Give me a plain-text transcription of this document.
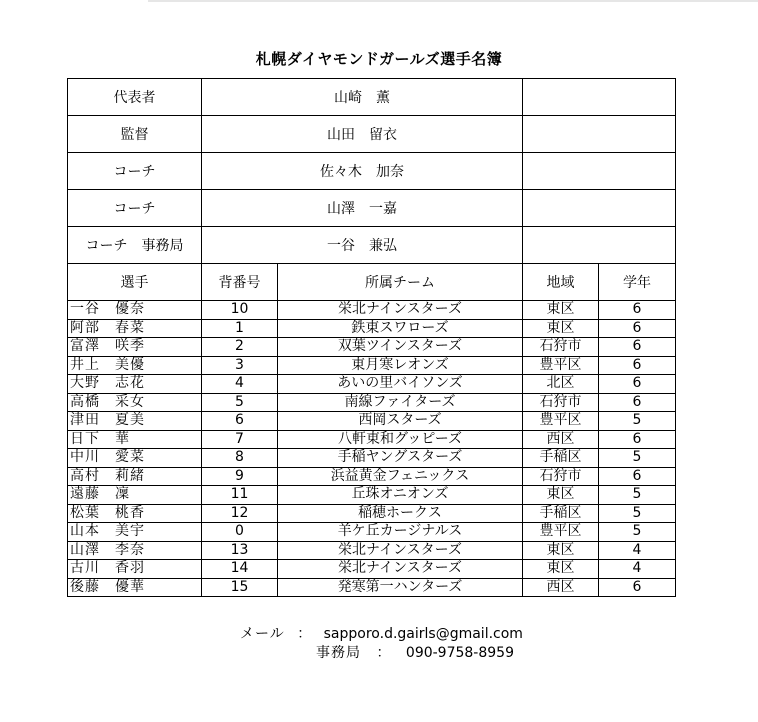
札幌ダイヤモンドガールズ選手名簿
代表者	山崎　薫			
監督	山田　留衣			
コーチ	佐々木　加奈			
コーチ	山澤　一嘉			
コーチ　事務局	一谷　兼弘			
選手	背番号	所属チーム	地域	学年
一谷　優奈	10	栄北ナインスターズ	東区	6
阿部　春菜	1	鉄東スワローズ	東区	6
富澤　咲季	2	双葉ツインスターズ	石狩市	6
井上　美優	3	東月寒レオンズ	豊平区	6
大野　志花	4	あいの里バイソンズ	北区	6
高橋　采女	5	南線ファイターズ	石狩市	6
津田　夏美	6	西岡スターズ	豊平区	5
日下　華	7	八軒東和グッピーズ	西区	6
中川　愛菜	8	手稲ヤングスターズ	手稲区	5
高村　莉緒	9	浜益黄金フェニックス	石狩市	6
遠藤　凜	11	丘珠オニオンズ	東区	5
松葉　桃香	12	稲穂ホークス	手稲区	5
山本　美宇	0	羊ケ丘カージナルス	豊平区	5
山澤　李奈	13	栄北ナインスターズ	東区	4
古川　香羽	14	栄北ナインスターズ	東区	4
後藤　優華	15	発寒第一ハンターズ	西区	6
メール ： sapporo.d.gairls@gmail.com
事務局 ： 090-9758-8959
